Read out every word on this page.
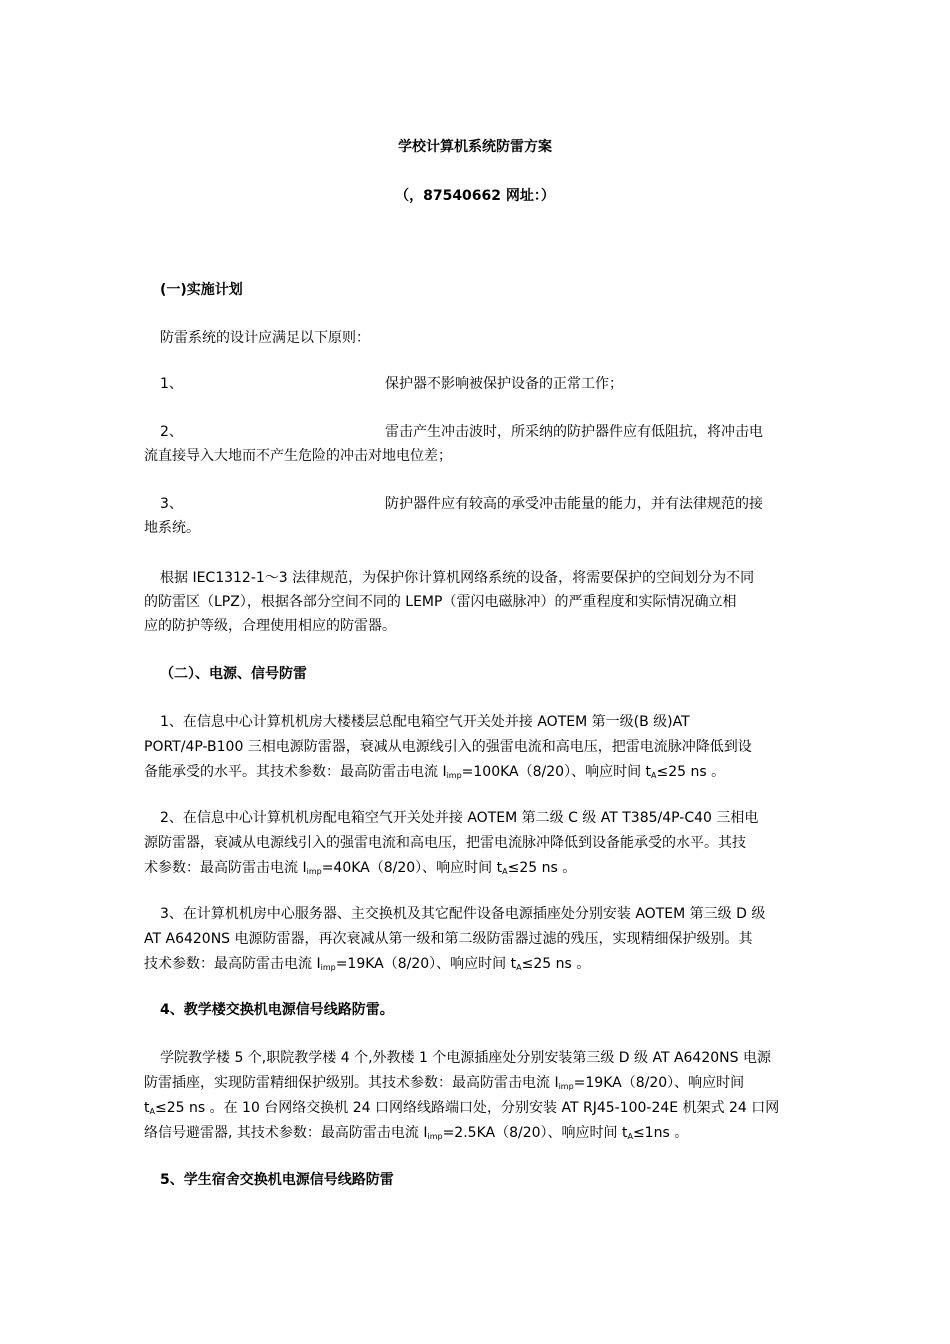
学校计算机系统防雷方案
（，87540662 网址：）
(一)实施计划
防雷系统的设计应满足以下原则：
1、	保护器不影响被保护设备的正常工作；
2、	雷击产生冲击波时，所采纳的防护器件应有低阻抗，将冲击电
流直接导入大地而不产生危险的冲击对地电位差；
3、	防护器件应有较高的承受冲击能量的能力，并有法律规范的接
地系统。
根据 IEC1312-1～3 法律规范，为保护你计算机网络系统的设备，将需要保护的空间划分为不同
的防雷区（LPZ），根据各部分空间不同的 LEMP（雷闪电磁脉冲）的严重程度和实际情况确立相
应的防护等级，合理使用相应的防雷器。
（二）、电源、信号防雷
1、在信息中心计算机机房大楼楼层总配电箱空气开关处并接 AOTEM 第一级(B 级)AT
PORT/4P-B100 三相电源防雷器，衰减从电源线引入的强雷电流和高电压，把雷电流脉冲降低到设
备能承受的水平。其技术参数：最高防雷击电流 $I_{imp}=100KA(8/20)$、响应时间 $t_A\le 25$ ns 。
2、在信息中心计算机机房配电箱空气开关处并接 AOTEM 第二级 C 级 AT T385/4P-C40 三相电
源防雷器，衰减从电源线引入的强雷电流和高电压，把雷电流脉冲降低到设备能承受的水平。其技
术参数：最高防雷击电流 $I_{imp}=40KA(8/20)$、响应时间 $t_A\le 25$ ns 。
3、在计算机机房中心服务器、主交换机及其它配件设备电源插座处分别安装 AOTEM 第三级 D 级
AT A6420NS 电源防雷器，再次衰减从第一级和第二级防雷器过滤的残压，实现精细保护级别。其
技术参数：最高防雷击电流 $I_{imp}=19KA(8/20)$、响应时间 $t_A\le 25$ ns 。
4、教学楼交换机电源信号线路防雷。
学院教学楼 5 个,职院教学楼 4 个,外教楼 1 个电源插座处分别安装第三级 D 级 AT A6420NS 电源
防雷插座，实现防雷精细保护级别。其技术参数：最高防雷击电流 $I_{imp}=19KA(8/20)$、响应时间
$t_A\le 25$ ns 。在 10 台网络交换机 24 口网络线路端口处，分别安装 AT RJ45-100-24E 机架式 24 口网
络信号避雷器, 其技术参数：最高防雷击电流 $I_{imp}=2.5KA(8/20)$、响应时间 $t_A\le 1ns$ 。
5、学生宿舍交换机电源信号线路防雷
